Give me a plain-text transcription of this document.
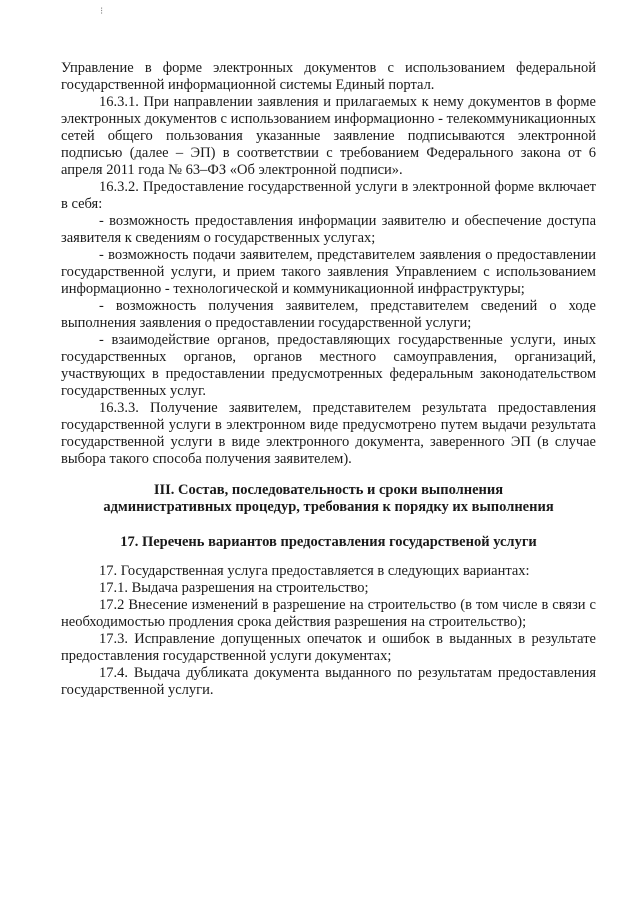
⁝

Управление в форме электронных документов с использованием федеральной государственной информационной системы Единый портал.

16.3.1. При направлении заявления и прилагаемых к нему документов в форме электронных документов с использованием информационно - телекоммуникационных сетей общего пользования указанные заявление подписываются электронной подписью (далее – ЭП) в соответствии с требованием Федерального закона от 6 апреля 2011 года № 63–ФЗ «Об электронной подписи».

16.3.2. Предоставление государственной услуги в электронной форме включает в себя:

- возможность предоставления информации заявителю и обеспечение доступа заявителя к сведениям о государственных услугах;

- возможность подачи заявителем, представителем заявления о предоставлении государственной услуги, и прием такого заявления Управлением с использованием информационно - технологической и коммуникационной инфраструктуры;

- возможность получения заявителем, представителем сведений о ходе выполнения заявления о предоставлении государственной услуги;

- взаимодействие органов, предоставляющих государственные услуги, иных государственных органов, органов местного самоуправления, организаций, участвующих в предоставлении предусмотренных федеральным законодательством государственных услуг.

16.3.3. Получение заявителем, представителем результата предоставления государственной услуги в электронном виде предусмотрено путем выдачи результата государственной услуги в виде электронного документа, заверенного ЭП (в случае выбора такого способа получения заявителем).

III. Состав, последовательность и сроки выполнения
административных процедур, требования к порядку их выполнения
17. Перечень вариантов предоставления государственой услуги

17. Государственная услуга предоставляется в следующих вариантах:

17.1. Выдача разрешения на строительство;

17.2 Внесение изменений в разрешение на строительство (в том числе в связи с необходимостью продления срока действия разрешения на строительство);

17.3. Исправление допущенных опечаток и ошибок в выданных в результате предоставления государственной услуги документах;

17.4. Выдача дубликата документа выданного по результатам предоставления государственной услуги.
